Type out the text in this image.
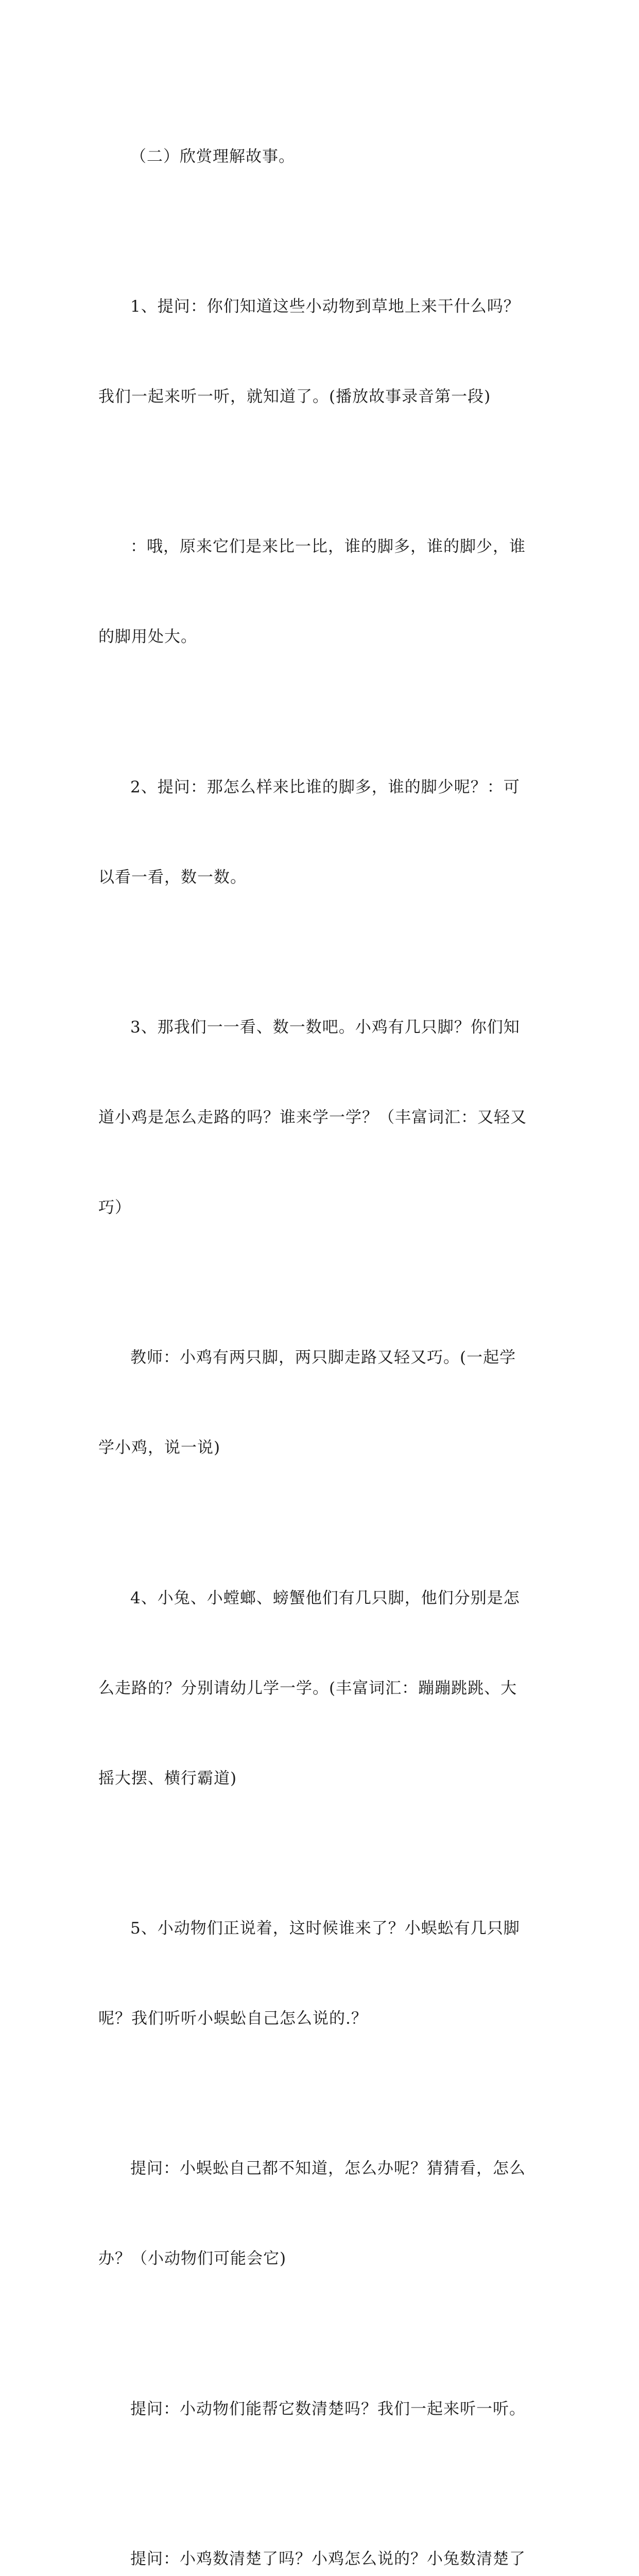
（二）欣赏理解故事。

1、提问：你们知道这些小动物到草地上来干什么吗？

我们一起来听一听，就知道了。(播放故事录音第一段)

：哦，原来它们是来比一比，谁的脚多，谁的脚少，谁

的脚用处大。

2、提问：那怎么样来比谁的脚多，谁的脚少呢？：可

以看一看，数一数。

3、那我们一一看、数一数吧。小鸡有几只脚？你们知

道小鸡是怎么走路的吗？谁来学一学？（丰富词汇：又轻又

巧）

教师：小鸡有两只脚，两只脚走路又轻又巧。(一起学

学小鸡，说一说)

4、小兔、小螳螂、螃蟹他们有几只脚，他们分别是怎

么走路的？分别请幼儿学一学。(丰富词汇：蹦蹦跳跳、大

摇大摆、横行霸道)

5、小动物们正说着，这时候谁来了？小蜈蚣有几只脚

呢？我们听听小蜈蚣自己怎么说的.？

提问：小蜈蚣自己都不知道，怎么办呢？猜猜看，怎么

办？（小动物们可能会它)

提问：小动物们能帮它数清楚吗？我们一起来听一听。

提问：小鸡数清楚了吗？小鸡怎么说的？小兔数清楚了
